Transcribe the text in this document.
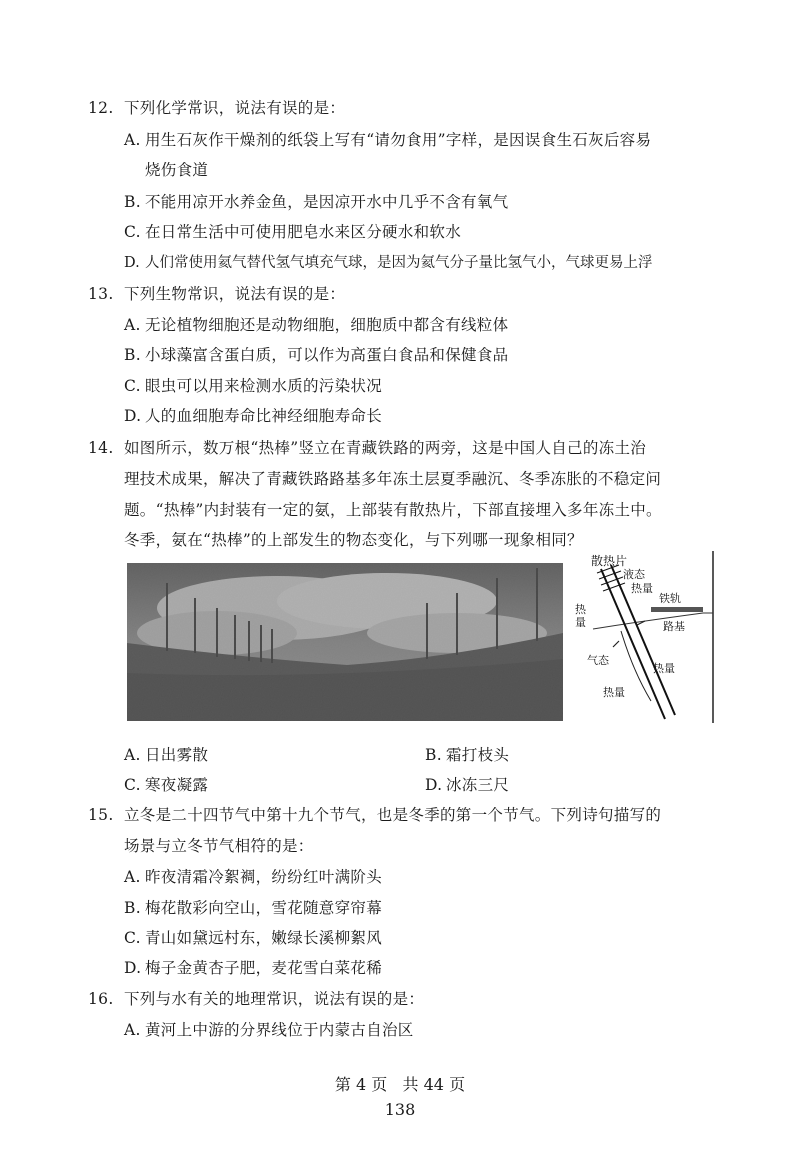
12. 下列化学常识，说法有误的是：
A. 用生石灰作干燥剂的纸袋上写有“请勿食用”字样，是因误食生石灰后容易
烧伤食道
B. 不能用凉开水养金鱼，是因凉开水中几乎不含有氧气
C. 在日常生活中可使用肥皂水来区分硬水和软水
D. 人们常使用氦气替代氢气填充气球，是因为氦气分子量比氢气小，气球更易上浮
13. 下列生物常识，说法有误的是：
A. 无论植物细胞还是动物细胞，细胞质中都含有线粒体
B. 小球藻富含蛋白质，可以作为高蛋白食品和保健食品
C. 眼虫可以用来检测水质的污染状况
D. 人的血细胞寿命比神经细胞寿命长
14. 如图所示，数万根“热棒”竖立在青藏铁路的两旁，这是中国人自己的冻土治
理技术成果，解决了青藏铁路路基多年冻土层夏季融沉、冬季冻胀的不稳定问
题。“热棒”内封装有一定的氨，上部装有散热片，下部直接埋入多年冻土中。
冬季，氨在“热棒”的上部发生的物态变化，与下列哪一现象相同？
散热片
液态
热量
铁轨
路基
热量
气态
热量
热量
A. 日出雾散	B. 霜打枝头
C. 寒夜凝露	D. 冰冻三尺
15. 立冬是二十四节气中第十九个节气，也是冬季的第一个节气。下列诗句描写的
场景与立冬节气相符的是：
A. 昨夜清霜冷絮裯，纷纷红叶满阶头
B. 梅花散彩向空山，雪花随意穿帘幕
C. 青山如黛远村东，嫩绿长溪柳絮风
D. 梅子金黄杏子肥，麦花雪白菜花稀
16. 下列与水有关的地理常识，说法有误的是：
A. 黄河上中游的分界线位于内蒙古自治区
第 4 页   共 44 页
138
